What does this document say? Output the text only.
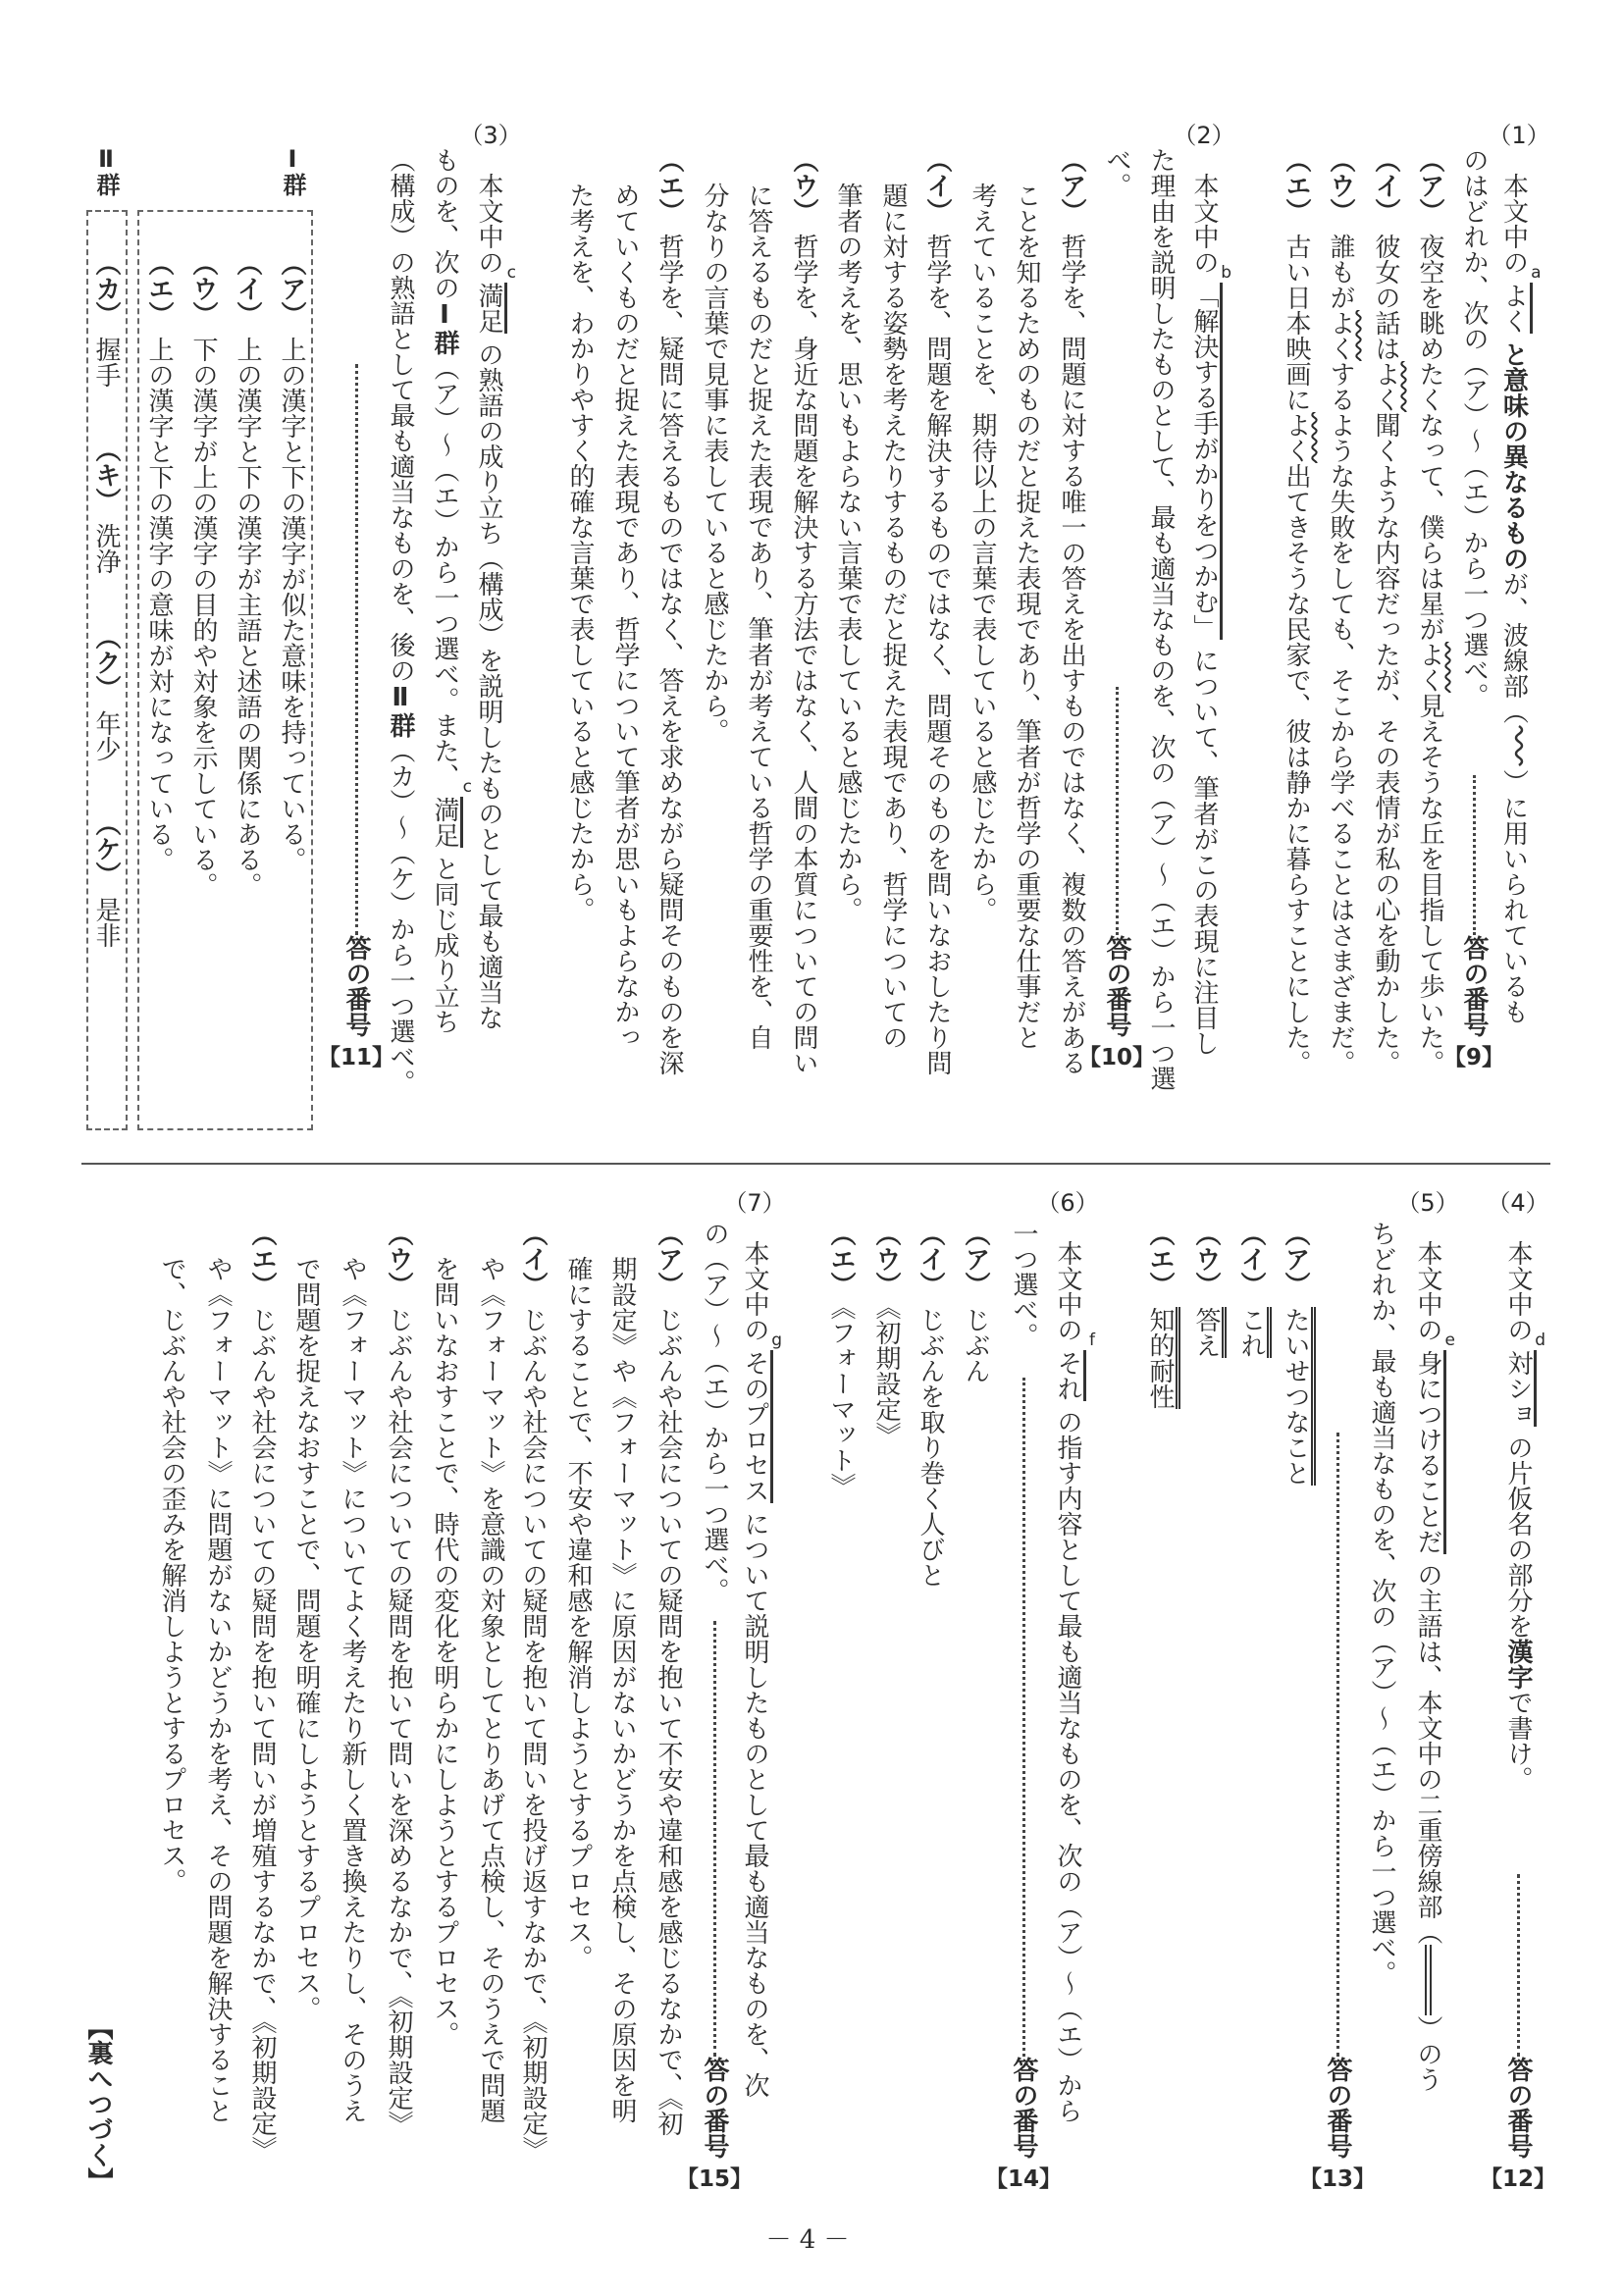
（1）
本文中のよく
a
と意味の異なるものが、波線部（）に用いられているも
のはどれか、次の（ア）～（エ）から一つ選べ。
答の番号
【9】
（ア）夜空を眺めたくなって、僕らは星がよく見えそうな丘を目指して歩いた。
（イ）彼女の話はよく聞くような内容だったが、その表情が私の心を動かした。
（ウ）誰もがよくするような失敗をしても、そこから学べることはさまざまだ。
（エ）古い日本映画によく出てきそうな民家で、彼は静かに暮らすことにした。
（2）
本文中の「解決する手がかりをつかむ」
b
について、筆者がこの表現に注目し
た理由を説明したものとして、最も適当なものを、次の（ア）～（エ）から一つ選
べ。
答の番号
【10】
（ア）哲学を、問題に対する唯一の答えを出すものではなく、複数の答えがある
ことを知るためのものだと捉えた表現であり、筆者が哲学の重要な仕事だと
考えていることを、期待以上の言葉で表していると感じたから。
（イ）哲学を、問題を解決するものではなく、問題そのものを問いなおしたり問
題に対する姿勢を考えたりするものだと捉えた表現であり、哲学についての
筆者の考えを、思いもよらない言葉で表していると感じたから。
（ウ）哲学を、身近な問題を解決する方法ではなく、人間の本質についての問い
に答えるものだと捉えた表現であり、筆者が考えている哲学の重要性を、自
分なりの言葉で見事に表していると感じたから。
（エ）哲学を、疑問に答えるものではなく、答えを求めながら疑問そのものを深
めていくものだと捉えた表現であり、哲学について筆者が思いもよらなかっ
た考えを、わかりやすく的確な言葉で表していると感じたから。
（3）
本文中の満足
c
の熟語の成り立ち（構成）を説明したものとして最も適当な
ものを、次のⅠ群（ア）～（エ）から一つ選べ。また、満足
c
と同じ成り立ち
（構成）の熟語として最も適当なものを、後のⅡ群（カ）～（ケ）から一つ選べ。
答の番号
【11】
Ⅰ群
（ア）上の漢字と下の漢字が似た意味を持っている。
（イ）上の漢字と下の漢字が主語と述語の関係にある。
（ウ）下の漢字が上の漢字の目的や対象を示している。
（エ）上の漢字と下の漢字の意味が対になっている。
Ⅱ群
（カ）握手 （キ）洗浄 （ク）年少 （ケ）是非
（4）
本文中の対ショ
d
の片仮名の部分を漢字で書け。
答の番号
【12】
（5）
本文中の身につけることだ
e
の主語は、本文中の二重傍線部（）のう
ちどれか、最も適当なものを、次の（ア）～（エ）から一つ選べ。
答の番号
【13】
（ア）たいせつなこと
（イ）これ
（ウ）答え
（エ）知的耐性
（6）
本文中のそれ
f
の指す内容として最も適当なものを、次の（ア）～（エ）から
一つ選べ。
答の番号
【14】
（ア）じぶん
（イ）じぶんを取り巻く人びと
（ウ）《初期設定》
（エ）《フォーマット》
（7）
本文中のそのプロセス
g
について説明したものとして最も適当なものを、次
の（ア）～（エ）から一つ選べ。
答の番号
【15】
（ア）じぶんや社会についての疑問を抱いて不安や違和感を感じるなかで、《初
期設定》や《フォーマット》に原因がないかどうかを点検し、その原因を明
確にすることで、不安や違和感を解消しようとするプロセス。
（イ）じぶんや社会についての疑問を抱いて問いを投げ返すなかで、《初期設定》
や《フォーマット》を意識の対象としてとりあげて点検し、そのうえで問題
を問いなおすことで、時代の変化を明らかにしようとするプロセス。
（ウ）じぶんや社会についての疑問を抱いて問いを深めるなかで、《初期設定》
や《フォーマット》についてよく考えたり新しく置き換えたりし、そのうえ
で問題を捉えなおすことで、問題を明確にしようとするプロセス。
（エ）じぶんや社会についての疑問を抱いて問いが増殖するなかで、《初期設定》
や《フォーマット》に問題がないかどうかを考え、その問題を解決すること
で、じぶんや社会の歪みを解消しようとするプロセス。
【裏へつづく】
－ 4 －
